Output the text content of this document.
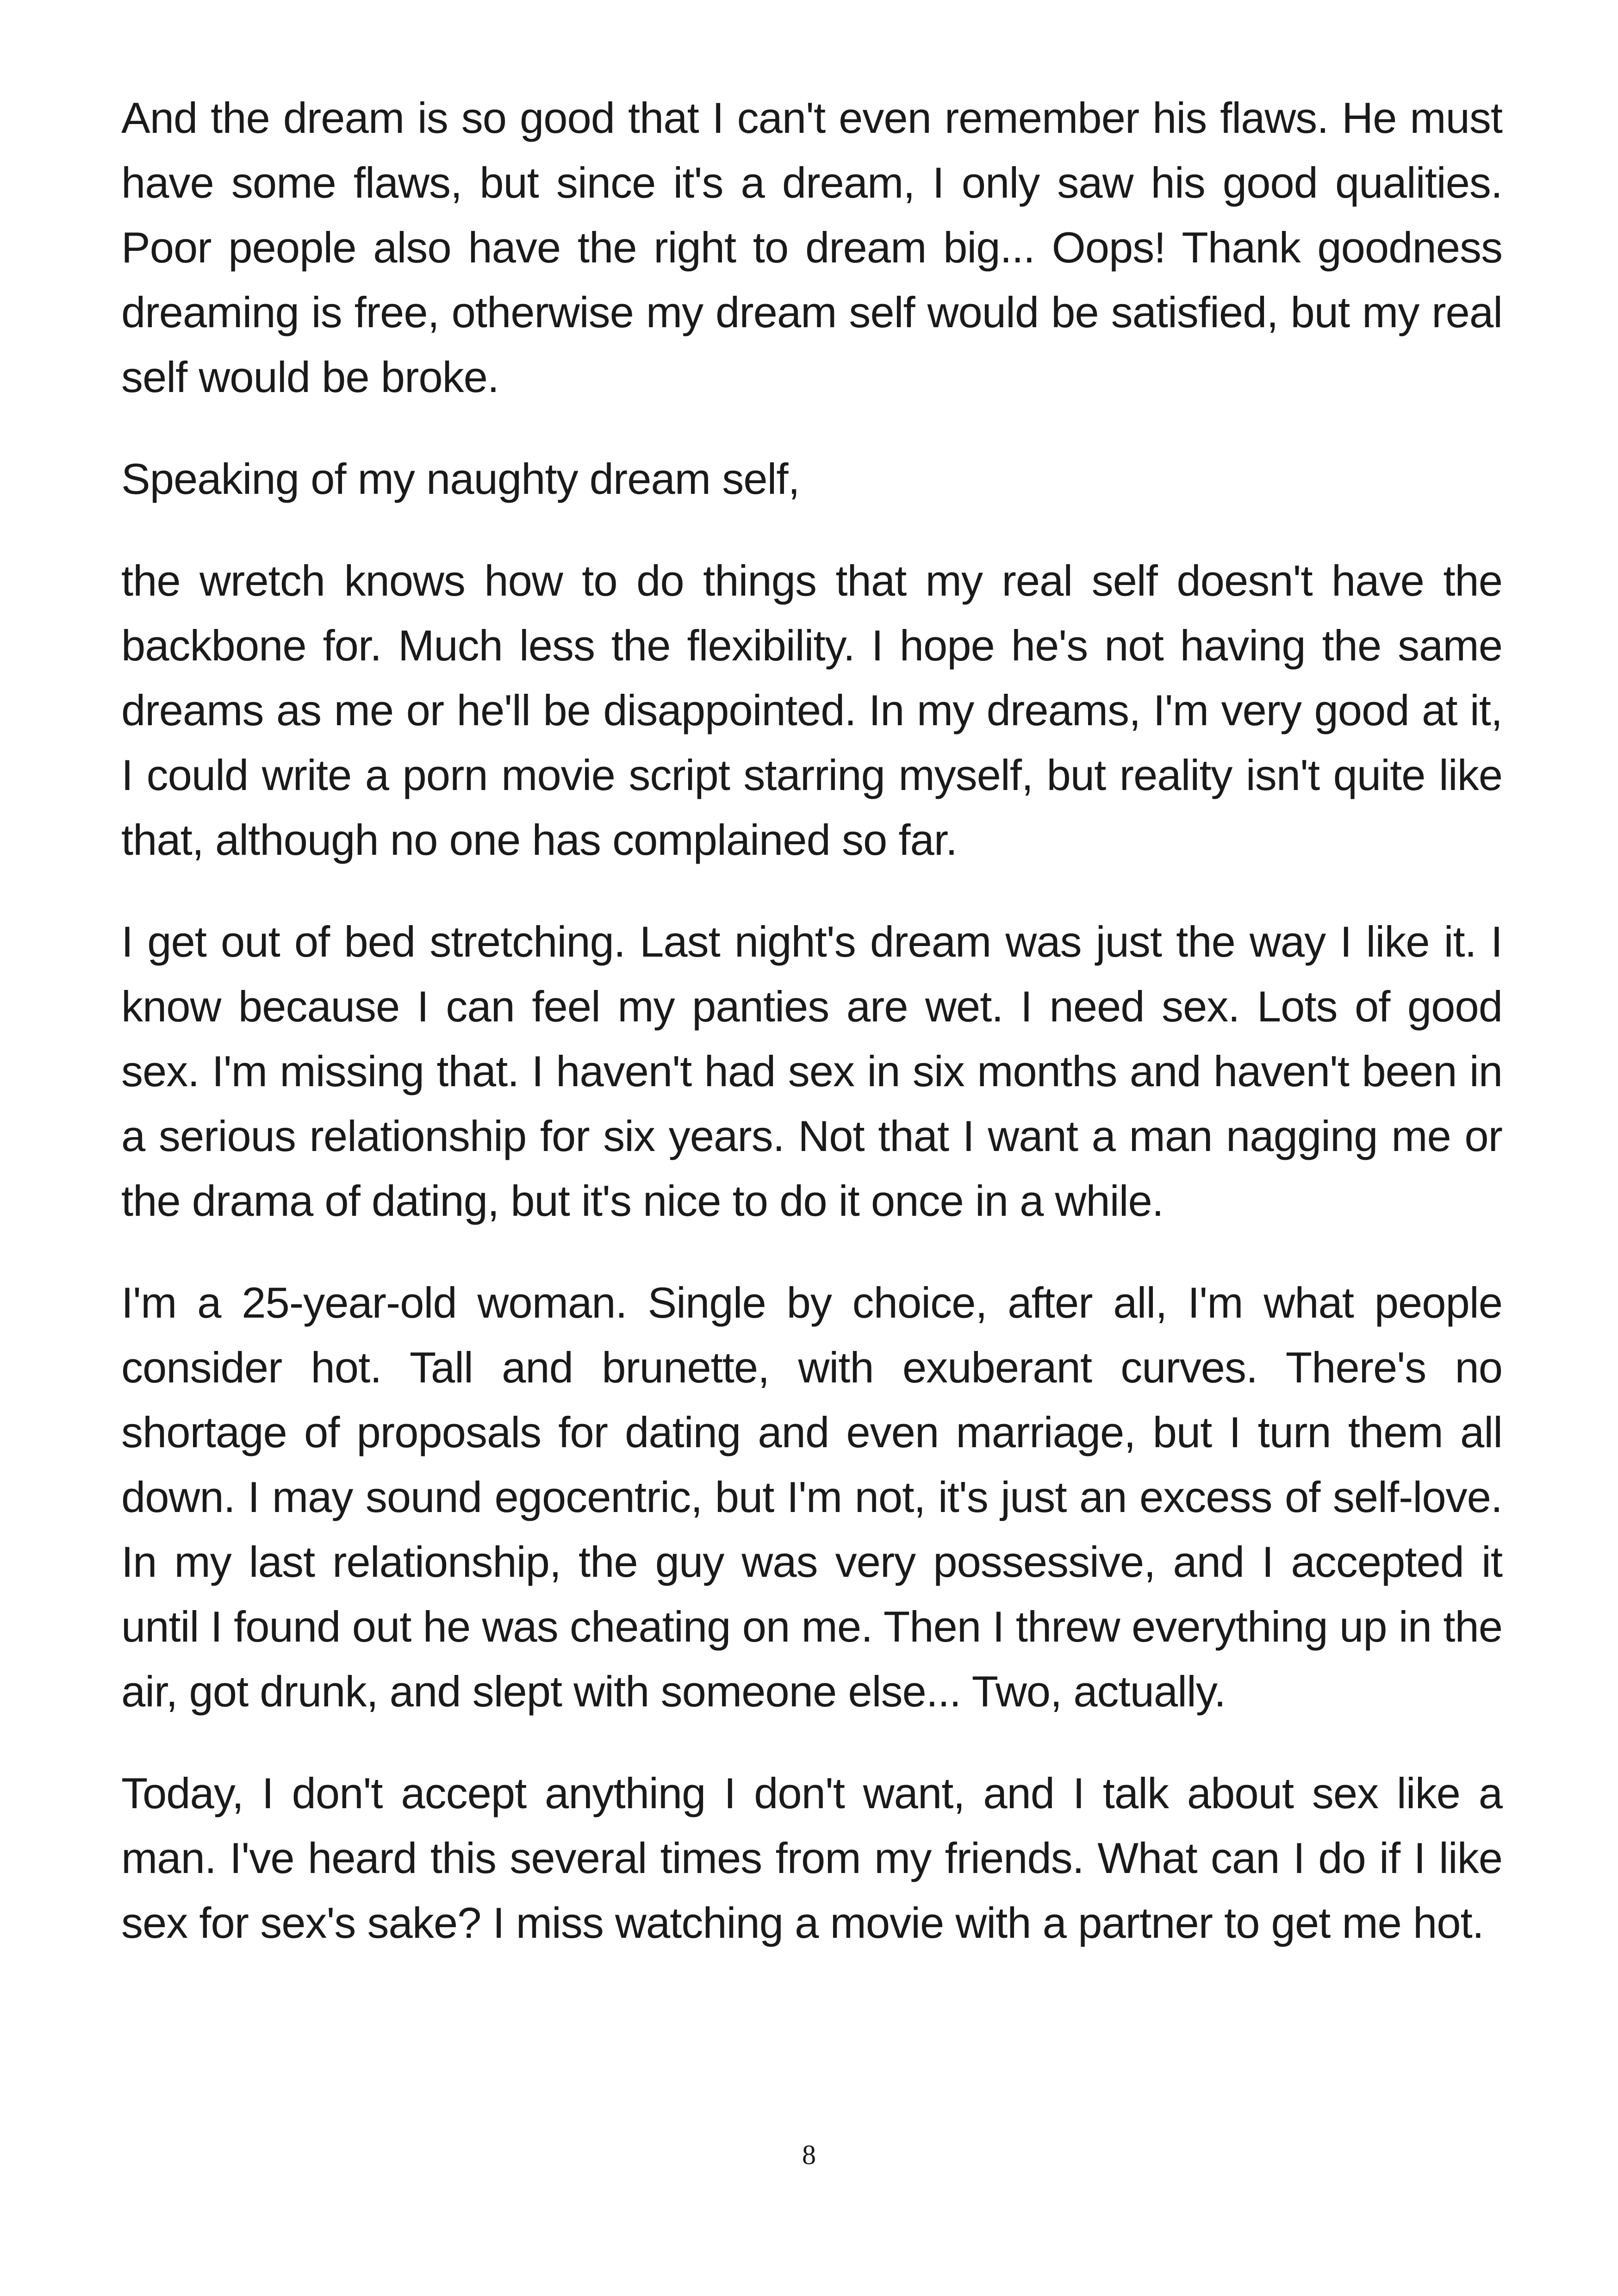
And the dream is so good that I can't even remember his flaws. He must have some flaws, but since it's a dream, I only saw his good qualities. Poor people also have the right to dream big... Oops! Thank goodness dreaming is free, otherwise my dream self would be satisfied, but my real self would be broke.

Speaking of my naughty dream self,

the wretch knows how to do things that my real self doesn't have the backbone for. Much less the flexibility. I hope he's not having the same dreams as me or he'll be disappointed. In my dreams, I'm very good at it, I could write a porn movie script starring myself, but reality isn't quite like that, although no one has complained so far.

I get out of bed stretching. Last night's dream was just the way I like it. I know because I can feel my panties are wet. I need sex. Lots of good sex. I'm missing that. I haven't had sex in six months and haven't been in a serious relationship for six years. Not that I want a man nagging me or the drama of dating, but it's nice to do it once in a while.

I'm a 25-year-old woman. Single by choice, after all, I'm what people consider hot. Tall and brunette, with exuberant curves. There's no shortage of proposals for dating and even marriage, but I turn them all down. I may sound egocentric, but I'm not, it's just an excess of self-love. In my last relationship, the guy was very possessive, and I accepted it until I found out he was cheating on me. Then I threw everything up in the air, got drunk, and slept with someone else... Two, actually.

Today, I don't accept anything I don't want, and I talk about sex like a man. I've heard this several times from my friends. What can I do if I like sex for sex's sake? I miss watching a movie with a partner to get me hot.

8
